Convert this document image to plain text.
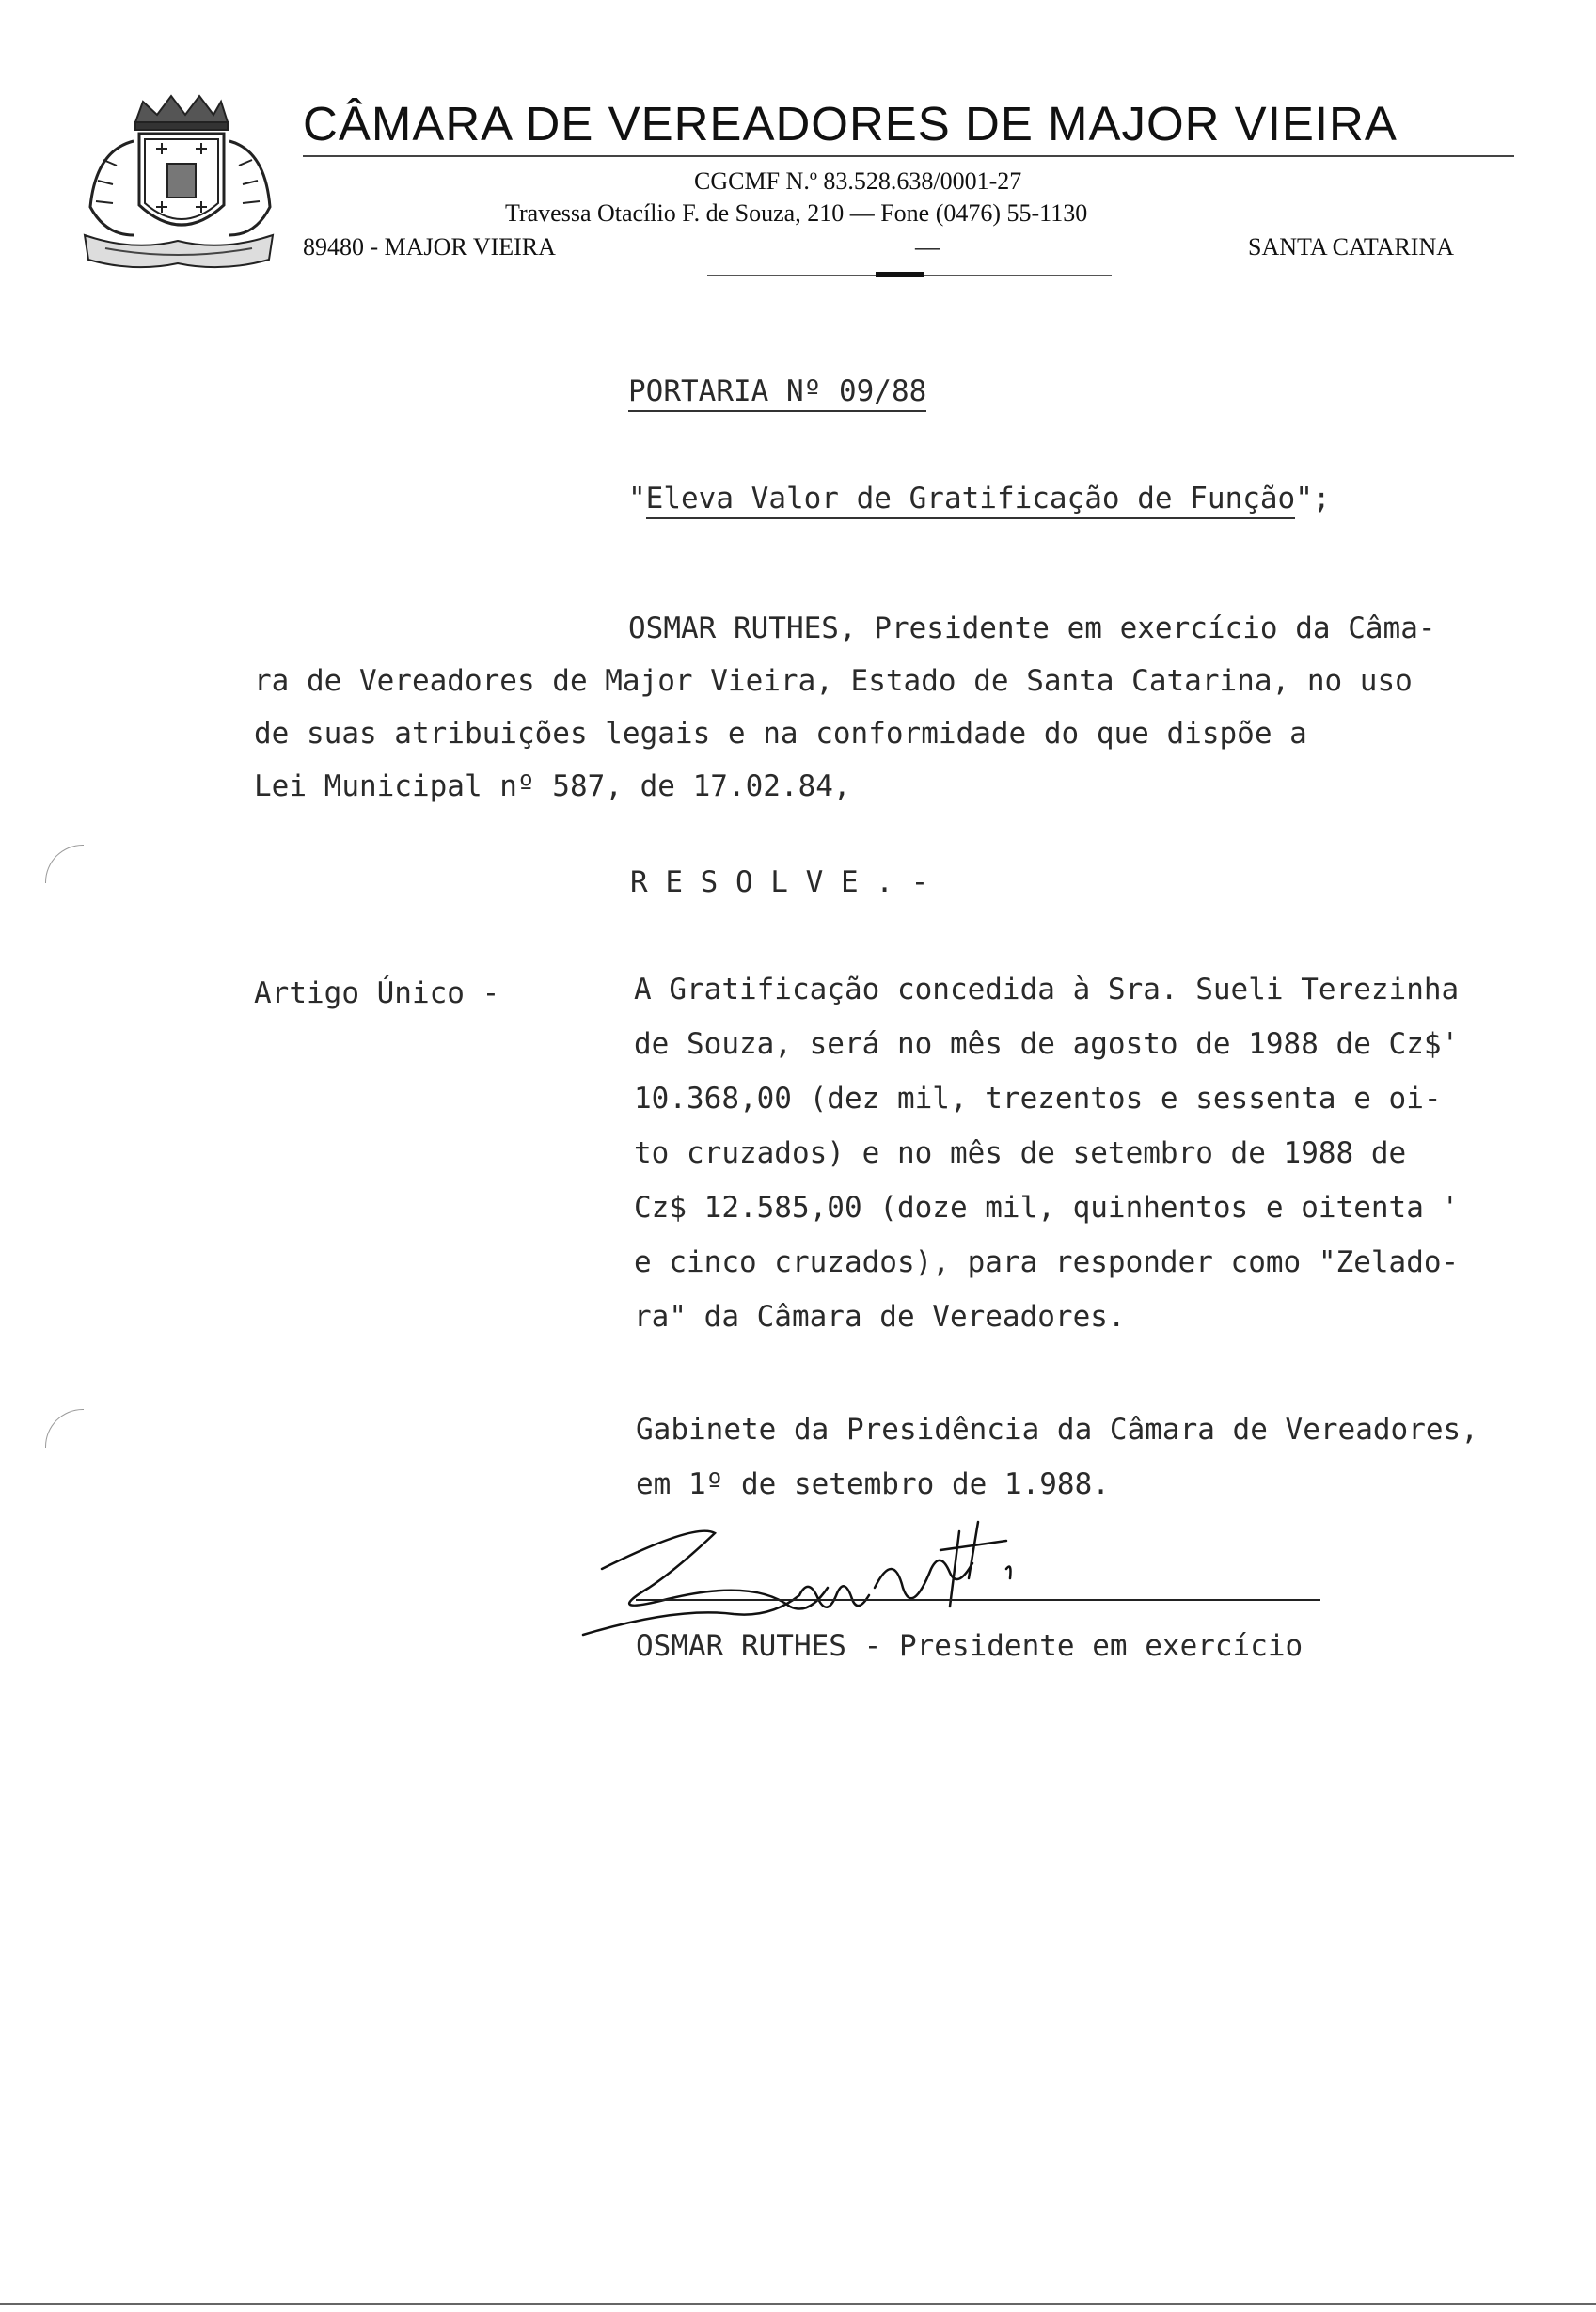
CÂMARA DE VEREADORES DE MAJOR VIEIRA
CGCMF N.º 83.528.638/0001-27
Travessa Otacílio F. de Souza, 210 — Fone (0476) 55-1130
89480 - MAJOR VIEIRA	—	SANTA CATARINA
PORTARIA Nº 09/88
"Eleva Valor de Gratificação de Função";
OSMAR RUTHES, Presidente em exercício da Câma-
ra de Vereadores de Major Vieira, Estado de Santa Catarina, no uso
de suas atribuições legais e na conformidade do que dispõe a
Lei Municipal nº 587, de 17.02.84,
R E S O L V E . -
Artigo Único -	A Gratificação concedida à Sra. Sueli Terezinha
de Souza, será no mês de agosto de 1988 de Cz$'
10.368,00 (dez mil, trezentos e sessenta e oi-
to cruzados) e no mês de setembro de 1988 de
Cz$ 12.585,00 (doze mil, quinhentos e oitenta '
e cinco cruzados), para responder como "Zelado-
ra" da Câmara de Vereadores.
Gabinete da Presidência da Câmara de Vereadores,
em 1º de setembro de 1.988.
OSMAR RUTHES - Presidente em exercício
